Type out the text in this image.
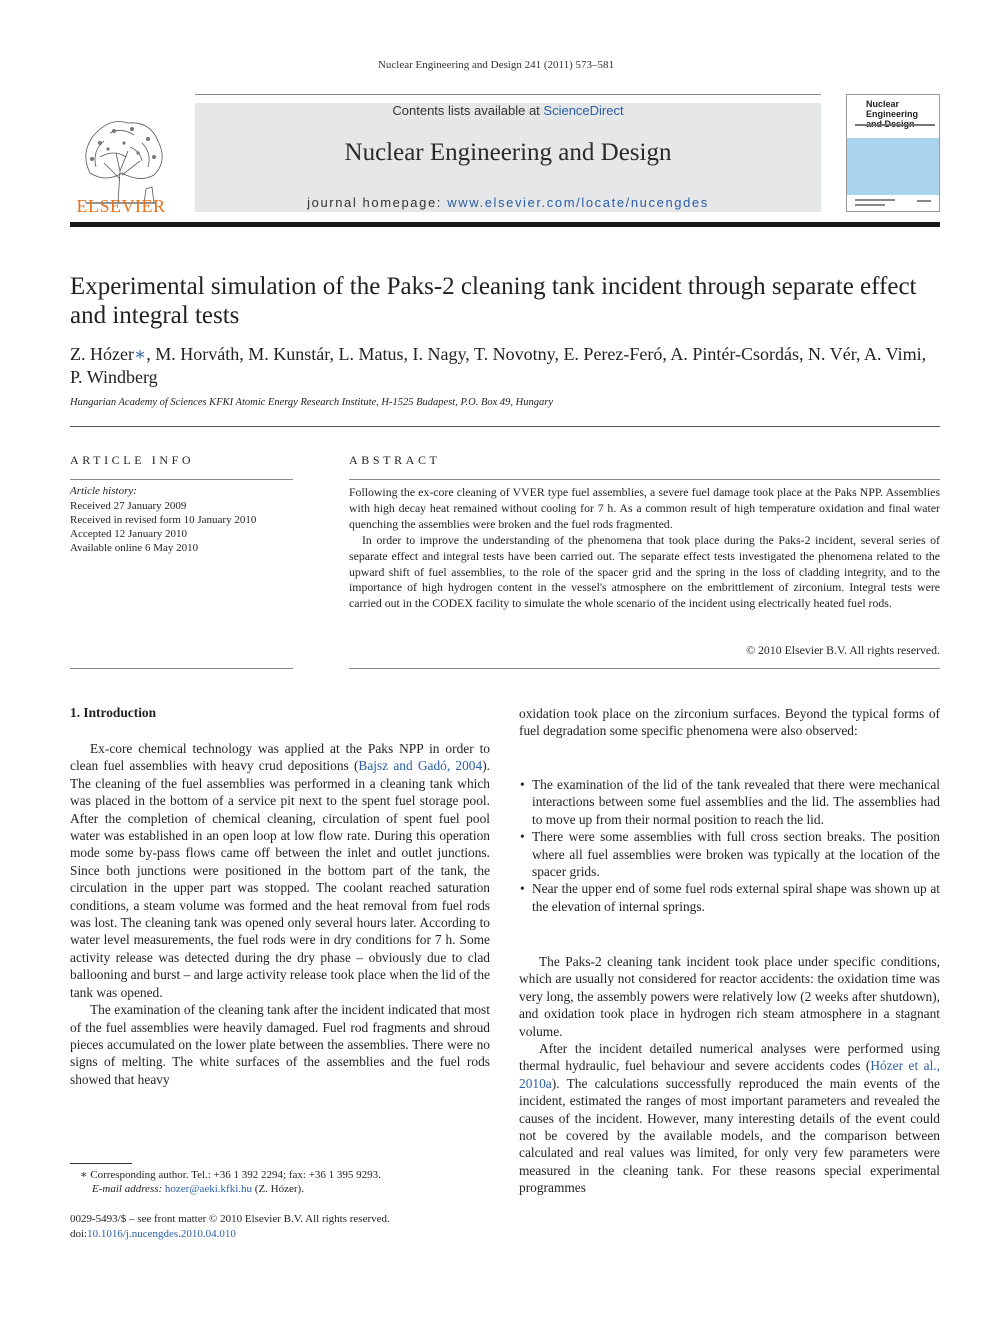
Nuclear Engineering and Design 241 (2011) 573–581
ELSEVIER
Contents lists available at ScienceDirect
Nuclear Engineering and Design
journal homepage: www.elsevier.com/locate/nucengdes
Nuclear Engineering
Experimental simulation of the Paks-2 cleaning tank incident through separate effect and integral tests
Z. Hózer∗, M. Horváth, M. Kunstár, L. Matus, I. Nagy, T. Novotny, E. Perez-Feró, A. Pintér-Csordás, N. Vér, A. Vimi, P. Windberg
Hungarian Academy of Sciences KFKI Atomic Energy Research Institute, H-1525 Budapest, P.O. Box 49, Hungary
ARTICLE INFO
Article history:
Received 27 January 2009
Received in revised form 10 January 2010
Accepted 12 January 2010
Available online 6 May 2010
ABSTRACT

Following the ex-core cleaning of VVER type fuel assemblies, a severe fuel damage took place at the Paks NPP. Assemblies with high decay heat remained without cooling for 7 h. As a common result of high temperature oxidation and final water quenching the assemblies were broken and the fuel rods fragmented.

In order to improve the understanding of the phenomena that took place during the Paks-2 incident, several series of separate effect and integral tests have been carried out. The separate effect tests investigated the phenomena related to the upward shift of fuel assemblies, to the role of the spacer grid and the spring in the loss of cladding integrity, and to the importance of high hydrogen content in the vessel's atmosphere on the embrittlement of zirconium. Integral tests were carried out in the CODEX facility to simulate the whole scenario of the incident using electrically heated fuel rods.

© 2010 Elsevier B.V. All rights reserved.
1. Introduction

Ex-core chemical technology was applied at the Paks NPP in order to clean fuel assemblies with heavy crud depositions (Bajsz and Gadó, 2004). The cleaning of the fuel assemblies was performed in a cleaning tank which was placed in the bottom of a service pit next to the spent fuel storage pool. After the completion of chemical cleaning, circulation of spent fuel pool water was established in an open loop at low flow rate. During this operation mode some by-pass flows came off between the inlet and outlet junctions. Since both junctions were positioned in the bottom part of the tank, the circulation in the upper part was stopped. The coolant reached saturation conditions, a steam volume was formed and the heat removal from fuel rods was lost. The cleaning tank was opened only several hours later. According to water level measurements, the fuel rods were in dry conditions for 7 h. Some activity release was detected during the dry phase – obviously due to clad ballooning and burst – and large activity release took place when the lid of the tank was opened.

The examination of the cleaning tank after the incident indicated that most of the fuel assemblies were heavily damaged. Fuel rod fragments and shroud pieces accumulated on the lower plate between the assemblies. There were no signs of melting. The white surfaces of the assemblies and the fuel rods showed that heavy

oxidation took place on the zirconium surfaces. Beyond the typical forms of fuel degradation some specific phenomena were also observed:

• The examination of the lid of the tank revealed that there were mechanical interactions between some fuel assemblies and the lid. The assemblies had to move up from their normal position to reach the lid.
• There were some assemblies with full cross section breaks. The position where all fuel assemblies were broken was typically at the location of the spacer grids.
• Near the upper end of some fuel rods external spiral shape was shown up at the elevation of internal springs.

The Paks-2 cleaning tank incident took place under specific conditions, which are usually not considered for reactor accidents: the oxidation time was very long, the assembly powers were relatively low (2 weeks after shutdown), and oxidation took place in hydrogen rich steam atmosphere in a stagnant volume.

After the incident detailed numerical analyses were performed using thermal hydraulic, fuel behaviour and severe accidents codes (Hózer et al., 2010a). The calculations successfully reproduced the main events of the incident, estimated the ranges of most important parameters and revealed the causes of the incident. However, many interesting details of the event could not be covered by the available models, and the comparison between calculated and real values was limited, for only very few parameters were measured in the cleaning tank. For these reasons special experimental programmes

∗ Corresponding author. Tel.: +36 1 392 2294; fax: +36 1 395 9293.
E-mail address: hozer@aeki.kfki.hu (Z. Hózer).
0029-5493/$ – see front matter © 2010 Elsevier B.V. All rights reserved.
doi:10.1016/j.nucengdes.2010.04.010
